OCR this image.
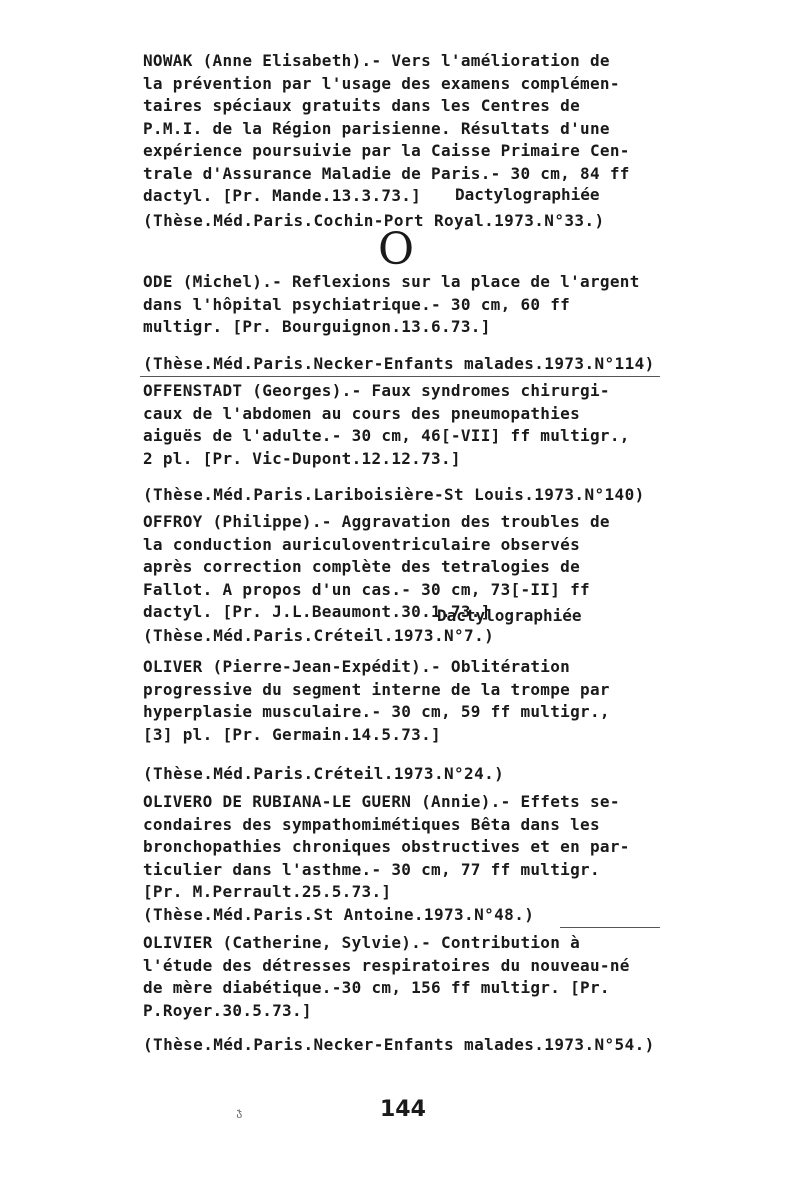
NOWAK (Anne Elisabeth).- Vers l'amélioration de
la prévention par l'usage des examens complémen-
taires spéciaux gratuits dans les Centres de
P.M.I. de la Région parisienne. Résultats d'une
expérience poursuivie par la Caisse Primaire Cen-
trale d'Assurance Maladie de Paris.- 30 cm, 84 ff
dactyl. [Pr. Mande.13.3.73.]	Dactylographiée
(Thèse.Méd.Paris.Cochin-Port Royal.1973.N°33.)
O
ODE (Michel).- Reflexions sur la place de l'argent
dans l'hôpital psychiatrique.- 30 cm, 60 ff
multigr. [Pr. Bourguignon.13.6.73.]
(Thèse.Méd.Paris.Necker-Enfants malades.1973.N°114)
OFFENSTADT (Georges).- Faux syndromes chirurgi-
caux de l'abdomen au cours des pneumopathies
aiguës de l'adulte.- 30 cm, 46[-VII] ff multigr.,
2 pl. [Pr. Vic-Dupont.12.12.73.]
(Thèse.Méd.Paris.Lariboisière-St Louis.1973.N°140)
OFFROY (Philippe).- Aggravation des troubles de
la conduction auriculoventriculaire observés
après correction complète des tetralogies de
Fallot. A propos d'un cas.- 30 cm, 73[-II] ff
dactyl. [Pr. J.L.Beaumont.30.1.73.]
Dactylographiée
(Thèse.Méd.Paris.Créteil.1973.N°7.)
OLIVER (Pierre-Jean-Expédit).- Oblitération
progressive du segment interne de la trompe par
hyperplasie musculaire.- 30 cm, 59 ff multigr.,
[3] pl. [Pr. Germain.14.5.73.]
(Thèse.Méd.Paris.Créteil.1973.N°24.)
OLIVERO DE RUBIANA-LE GUERN (Annie).- Effets se-
condaires des sympathomimétiques Bêta dans les
bronchopathies chroniques obstructives et en par-
ticulier dans l'asthme.- 30 cm, 77 ff multigr.
[Pr. M.Perrault.25.5.73.]
(Thèse.Méd.Paris.St Antoine.1973.N°48.)
OLIVIER (Catherine, Sylvie).- Contribution à
l'étude des détresses respiratoires du nouveau-né
de mère diabétique.-30 cm, 156 ff multigr. [Pr.
P.Royer.30.5.73.]
(Thèse.Méd.Paris.Necker-Enfants malades.1973.N°54.)
ჯ	144
